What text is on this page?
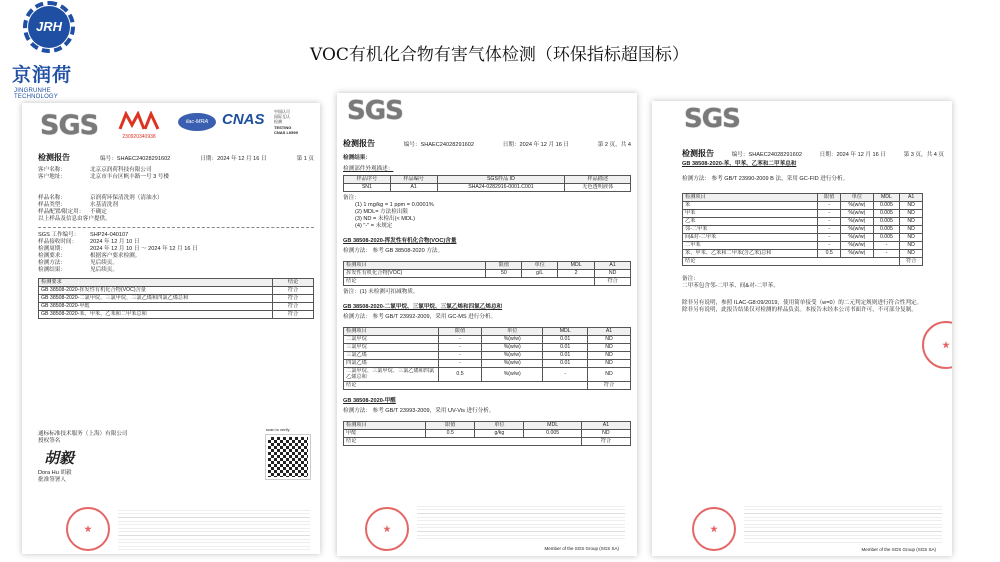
JRH
京润荷
JINGRUNHE TECHNOLOGY
VOC有机化合物有害气体检测（环保指标超国标）
SGS	230920340938
ilac-MRA CNAS 中国认可
国际互认
检测
TESTING
CNAS L0599
检测报告	编号：SHAEC24028291602	日期：2024 年 12 月 16 日	第 1 页
客户名称：	北京京润荷科技有限公司
客户地址：	北京市丰台区帆丰路一号 3 号楼
样品名称：	京润荷环保清洗剂（清油水）
样品类型：	水基清洗剂
样品配置/限定用：	不确定
以上样品及信息由客户提供。
SGS 工作编号：	SHP24-040107
样品接收时间：	2024 年 12 月 10 日
检测周期：	2024 年 12 月 10 日 ～ 2024 年 12 月 16 日
检测要求：	根据客户要求检测。
检测方法：	见后续页。
检测结果：	见后续页。
检测要求	结论
GB 38508-2020-挥发性有机化合物(VOC)含量	符合
GB 38508-2020-二氯甲烷、三氯甲烷、三氯乙烯和四氯乙烯总和	符合
GB 38508-2020-甲醛	符合
GB 38508-2020-苯、甲苯、乙苯和二甲苯总和	符合
通标标准技术服务（上海）有限公司
授权签名
胡毅
Dora Hu 胡毅
批准签署人
scan to verify
SGS
检测报告	编号：SHAEC24028291602	日期：2024 年 12 月 16 日	第 2 页，共 4
检测结果：
检测部件外观描述：
样品序号	样品编号	SGS样品 ID	样品描述
SN1	A1	SHA24-0282916-0001.C001	无色透明液体
备注：
(1) 1 mg/kg = 1 ppm = 0.0001%
(2) MDL= 方法检出限
(3) ND = 未检出(< MDL)
(4) "-" = 未规定
GB 38508-2020-挥发性有机化合物(VOC)含量
检测方法： 参考 GB 38508-2020 方法。
检测项目	限值	单位	MDL	A1
挥发性有机化合物(VOC)	50	g/L	2	ND
结论				符合
备注：(1) 未检测可扣减物质。
GB 38508-2020-二氯甲烷、三氯甲烷、三氯乙烯和四氯乙烯总和
检测方法： 参考 GB/T 23992-2009，采用 GC-MS 进行分析。
检测项目	限值	单位	MDL	A1
二氯甲烷	-	%(w/w)	0.01	ND
三氯甲烷	-	%(w/w)	0.01	ND
三氯乙烯	-	%(w/w)	0.01	ND
四氯乙烯	-	%(w/w)	0.01	ND
二氯甲烷、三氯甲烷、三氯乙烯和四氯乙烯总和	0.5	%(w/w)	-	ND
结论				符合
GB 38508-2020-甲醛
检测方法： 参考 GB/T 23993-2009，采用 UV-Vis 进行分析。
检测项目	限值	单位	MDL	A1
甲醛	0.5	g/kg	0.005	ND
结论				符合
Member of the SGS Group (SGS SA)
SGS
检测报告	编号：SHAEC24028291602	日期：2024 年 12 月 16 日	第 3 页，共 4 页
GB 38508-2020-苯、甲苯、乙苯和二甲苯总和
检测方法： 参考 GB/T 23990-2009 B 法，采用 GC-FID 进行分析。
检测项目	限值	单位	MDL	A1
苯	-	%(w/w)	0.005	ND
甲苯	-	%(w/w)	0.005	ND
乙苯	-	%(w/w)	0.005	ND
邻-二甲苯	-	%(w/w)	0.005	ND
间&对-二甲苯	-	%(w/w)	0.005	ND
二甲苯	-	%(w/w)	-	ND
苯、甲苯、乙苯和二甲苯(含乙苯)总和	0.5	%(w/w)	-	ND
结论				符合
备注：
二甲苯包含邻-二甲苯、间&对-二甲苯。
除非另有说明，参照 ILAC-G8:09/2019，使用简单接受（w=0）的二元判定规则进行符合性判定。
除非另有说明，此报告结果仅对检测的样品负责。本报告未经本公司书面许可，不可部分复制。
Member of the SGS Group (SGS SA)
